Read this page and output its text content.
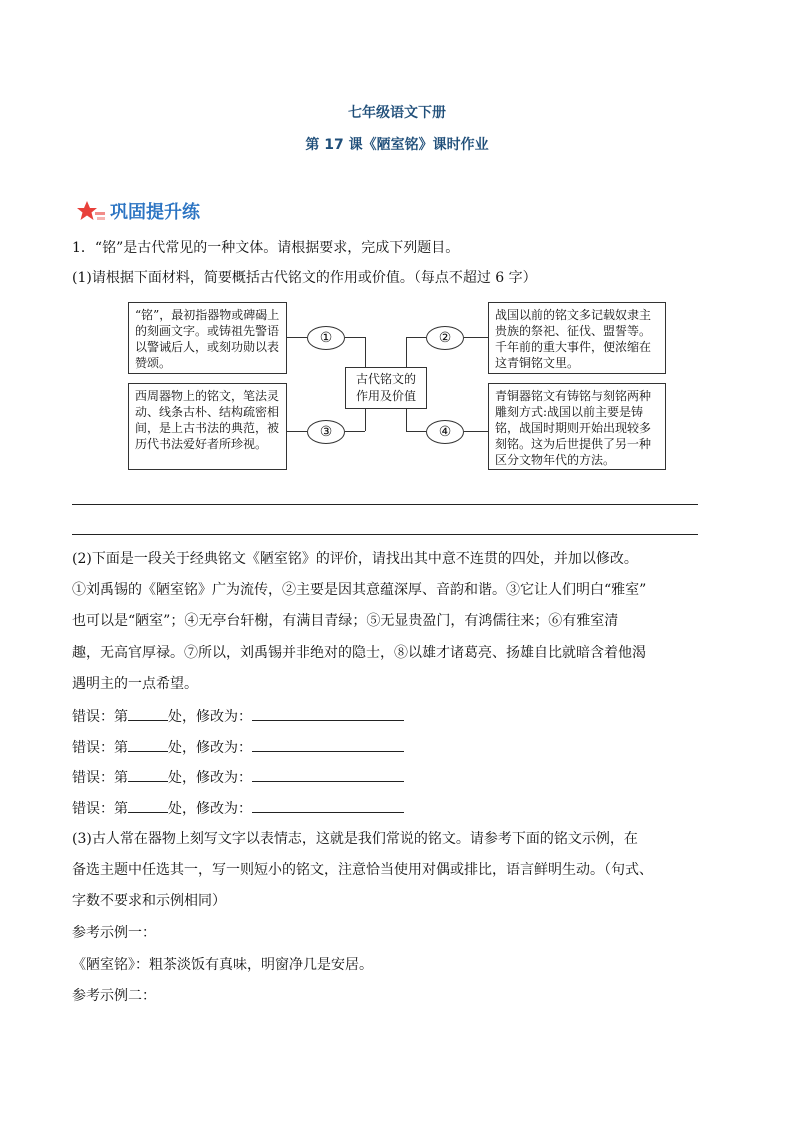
七年级语文下册
第 17 课《陋室铭》课时作业
巩固提升练
1．“铭”是古代常见的一种文体。请根据要求，完成下列题目。
(1)请根据下面材料，简要概括古代铭文的作用或价值。（每点不超过 6 字）
“铭”，最初指器物或碑碣上的刻画文字。或铸祖先警语以警诫后人，或刻功勋以表赞颂。
西周器物上的铭文，笔法灵动、线条古朴、结构疏密相间，是上古书法的典范，被历代书法爱好者所珍视。
战国以前的铭文多记载奴隶主贵族的祭祀、征伐、盟誓等。千年前的重大事件，便浓缩在这青铜铭文里。
青铜器铭文有铸铭与刻铭两种雕刻方式:战国以前主要是铸铭，战国时期则开始出现较多刻铭。这为后世提供了另一种区分文物年代的方法。
①	②
③	④
古代铭文的
作用及价值
(2)下面是一段关于经典铭文《陋室铭》的评价，请找出其中意不连贯的四处，并加以修改。
①刘禹锡的《陋室铭》广为流传，②主要是因其意蕴深厚、音韵和谐。③它让人们明白“雅室”
也可以是“陋室”；④无亭台轩榭，有满目青绿；⑤无显贵盈门，有鸿儒往来；⑥有雅室清
趣，无高官厚禄。⑦所以，刘禹锡并非绝对的隐士，⑧以雄才诸葛亮、扬雄自比就暗含着他渴
遇明主的一点希望。
错误：第	处，修改为：
错误：第	处，修改为：
错误：第	处，修改为：
错误：第	处，修改为：
(3)古人常在器物上刻写文字以表情志，这就是我们常说的铭文。请参考下面的铭文示例，在
备选主题中任选其一，写一则短小的铭文，注意恰当使用对偶或排比，语言鲜明生动。（句式、
字数不要求和示例相同）
参考示例一：
《陋室铭》：粗茶淡饭有真味，明窗净几是安居。
参考示例二：
